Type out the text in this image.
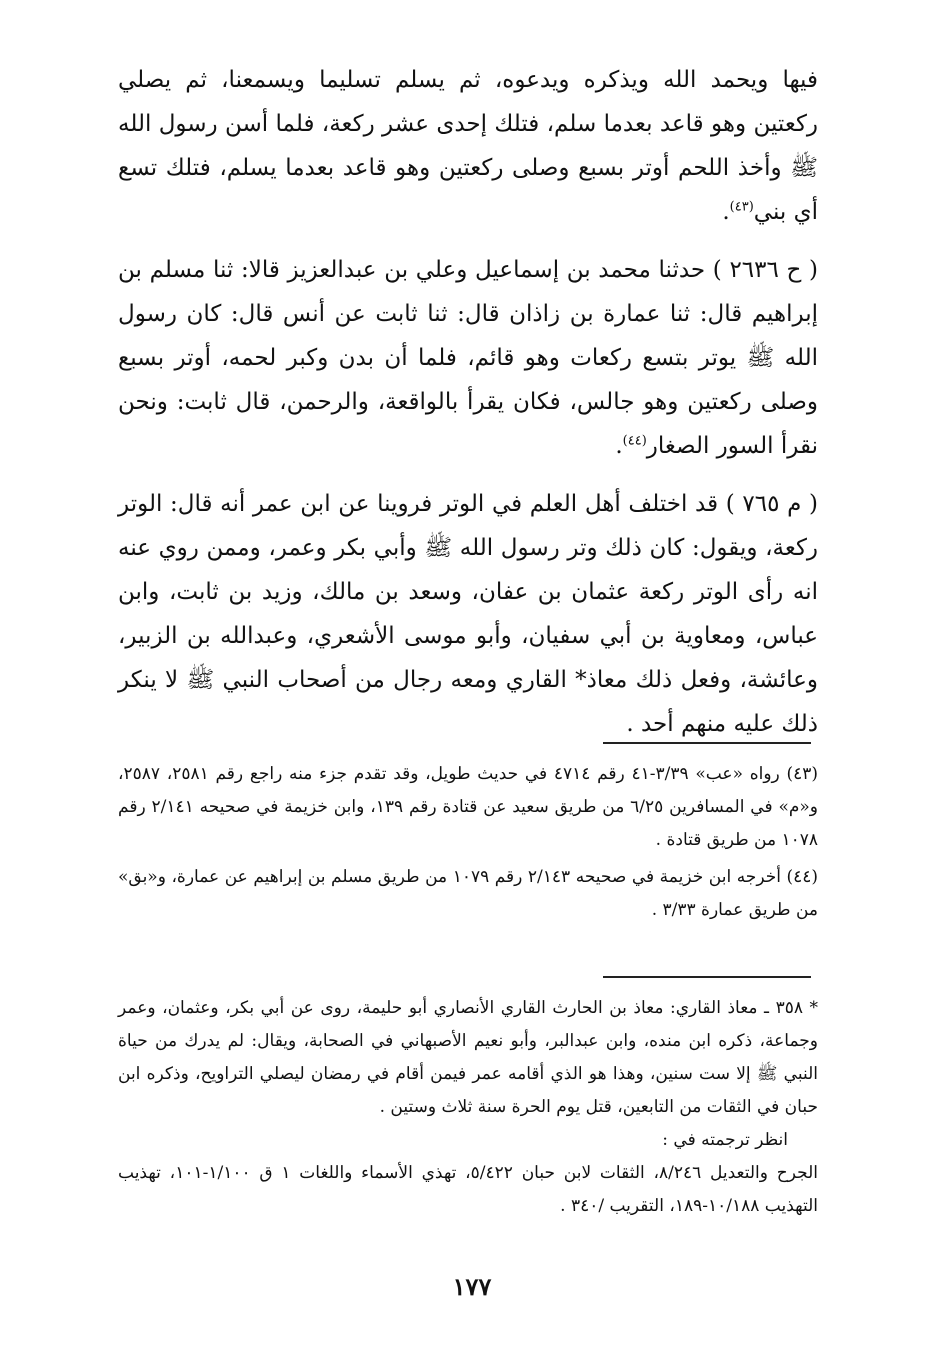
فيها ويحمد الله ويذكره ويدعوه، ثم يسلم تسليما ويسمعنا، ثم يصلي ركعتين وهو قاعد بعدما سلم، فتلك إحدى عشر ركعة، فلما أسن رسول الله ﷺ وأخذ اللحم أوتر بسبع وصلى ركعتين وهو قاعد بعدما يسلم، فتلك تسع أي بني$^{(٤٣)}$.

( ح ٢٦٣٦ ) حدثنا محمد بن إسماعيل وعلي بن عبدالعزيز قالا: ثنا مسلم بن إبراهيم قال: ثنا عمارة بن زاذان قال: ثنا ثابت عن أنس قال: كان رسول الله ﷺ يوتر بتسع ركعات وهو قائم، فلما أن بدن وكبر لحمه، أوتر بسبع وصلى ركعتين وهو جالس، فكان يقرأ بالواقعة، والرحمن، قال ثابت: ونحن نقرأ السور الصغار$^{(٤٤)}$.

( م ٧٦٥ ) قد اختلف أهل العلم في الوتر فروينا عن ابن عمر أنه قال: الوتر ركعة، ويقول: كان ذلك وتر رسول الله ﷺ وأبي بكر وعمر، وممن روي عنه انه رأى الوتر ركعة عثمان بن عفان، وسعد بن مالك، وزيد بن ثابت، وابن عباس، ومعاوية بن أبي سفيان، وأبو موسى الأشعري، وعبدالله بن الزبير، وعائشة، وفعل ذلك معاذ* القاري ومعه رجال من أصحاب النبي ﷺ لا ينكر ذلك عليه منهم أحد .

(٤٣) رواه «عب» ٣/٣٩-٤١ رقم ٤٧١٤ في حديث طويل، وقد تقدم جزء منه راجع رقم ٢٥٨١، ٢٥٨٧، و«م» في المسافرين ٦/٢٥ من طريق سعيد عن قتادة رقم ١٣٩، وابن خزيمة في صحيحه ٢/١٤١ رقم ١٠٧٨ من طريق قتادة .

(٤٤) أخرجه ابن خزيمة في صحيحه ٢/١٤٣ رقم ١٠٧٩ من طريق مسلم بن إبراهيم عن عمارة، و«بق» من طريق عمارة ٣/٣٣ .

* ٣٥٨ ـ معاذ القاري: معاذ بن الحارث القاري الأنصاري أبو حليمة، روى عن أبي بكر، وعثمان، وعمر وجماعة، ذكره ابن منده، وابن عبدالبر، وأبو نعيم الأصبهاني في الصحابة، ويقال: لم يدرك من حياة النبي ﷺ إلا ست سنين، وهذا هو الذي أقامه عمر فيمن أقام في رمضان ليصلي التراويح، وذكره ابن حبان في الثقات من التابعين، قتل يوم الحرة سنة ثلاث وستين .

انظر ترجمته في :

الجرح والتعديل ٨/٢٤٦، الثقات لابن حبان ٥/٤٢٢، تهذي الأسماء واللغات ١ ق ١/١٠٠-١٠١، تهذيب التهذيب ١٠/١٨٨-١٨٩، التقريب /٣٤٠ .

١٧٧
